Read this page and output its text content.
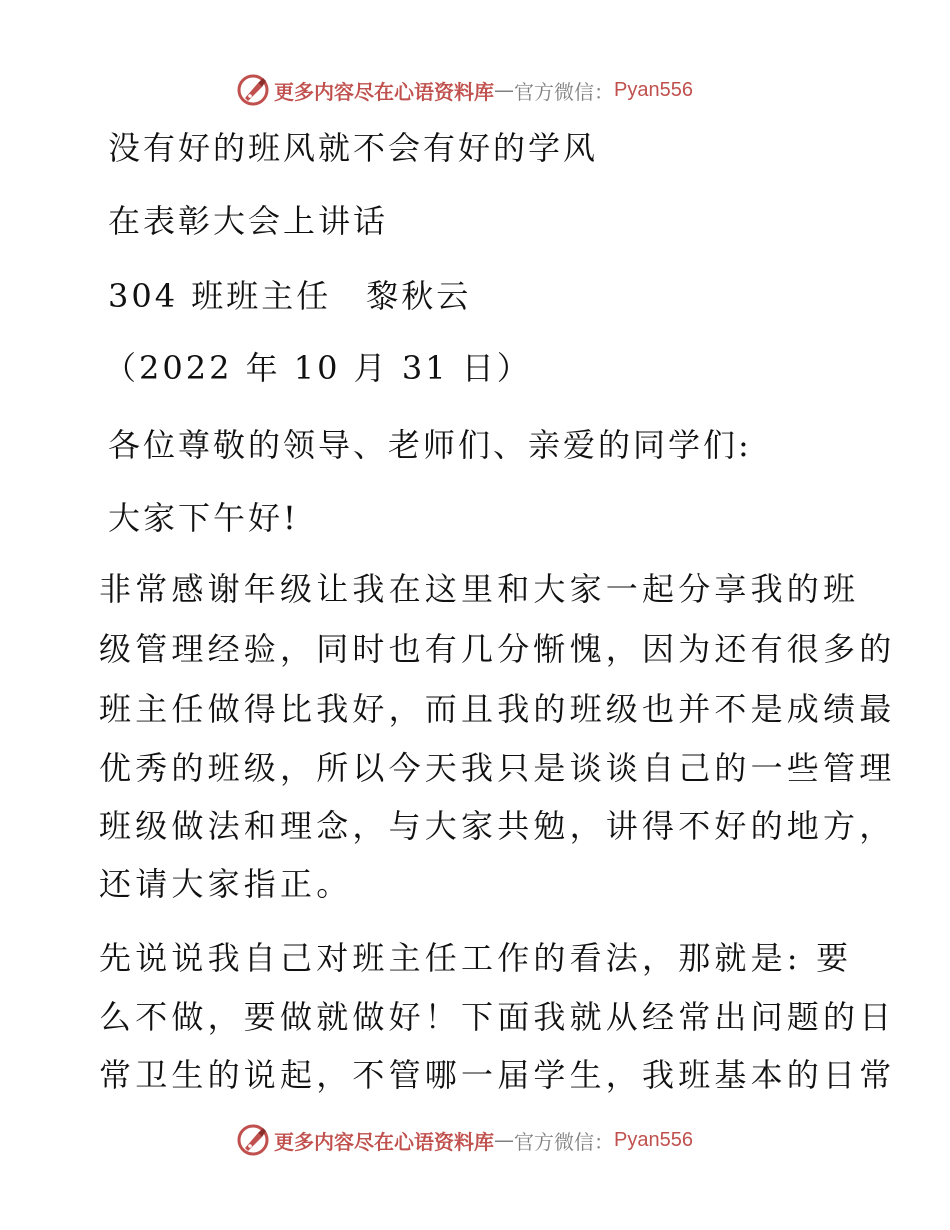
更多内容尽在心语资料库 — 官方微信： Pyan556
没有好的班风就不会有好的学风
在表彰大会上讲话
304 班班主任　黎秋云
（2022 年 10 月 31 日）
各位尊敬的领导、老师们、亲爱的同学们:
大家下午好!
非常感谢年级让我在这里和大家一起分享我的班
级管理经验，同时也有几分惭愧，因为还有很多的
班主任做得比我好，而且我的班级也并不是成绩最
优秀的班级，所以今天我只是谈谈自己的一些管理
班级做法和理念，与大家共勉，讲得不好的地方，
还请大家指正。
先说说我自己对班主任工作的看法，那就是: 要
么不做，要做就做好！下面我就从经常出问题的日
常卫生的说起，不管哪一届学生，我班基本的日常
更多内容尽在心语资料库 — 官方微信： Pyan556
